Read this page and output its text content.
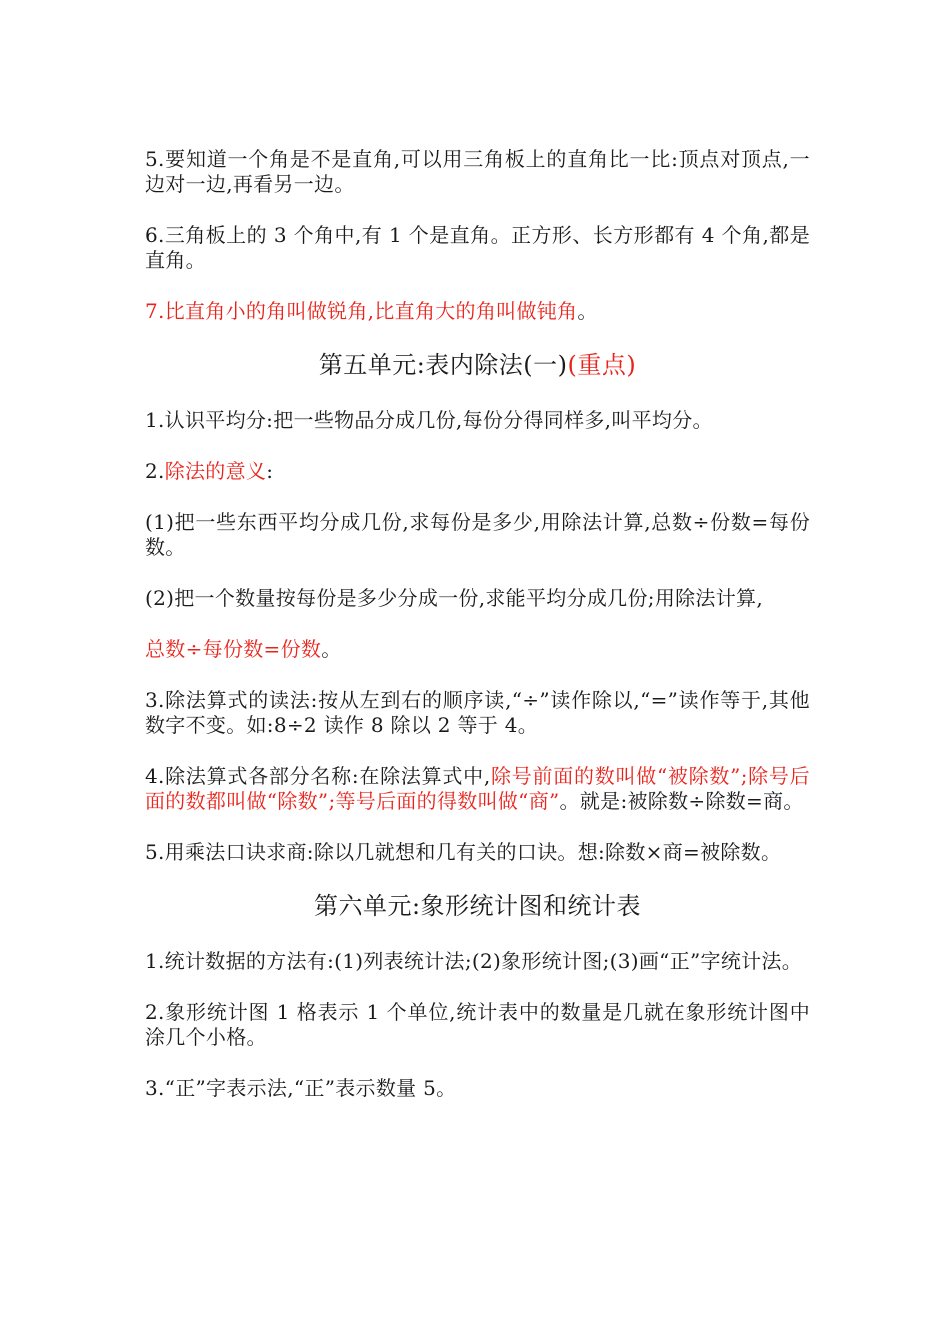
5.要知道一个角是不是直角,可以用三角板上的直角比一比:顶点对顶点,一边对一边,再看另一边。

6.三角板上的 3 个角中,有 1 个是直角。正方形、长方形都有 4 个角,都是直角。

7.比直角小的角叫做锐角,比直角大的角叫做钝角。

第五单元:表内除法(一)(重点)

1.认识平均分:把一些物品分成几份,每份分得同样多,叫平均分。

2.除法的意义:

(1)把一些东西平均分成几份,求每份是多少,用除法计算,总数÷份数=每份数。

(2)把一个数量按每份是多少分成一份,求能平均分成几份;用除法计算,

总数÷每份数=份数。

3.除法算式的读法:按从左到右的顺序读,“÷”读作除以,“=”读作等于,其他数字不变。如:8÷2 读作 8 除以 2 等于 4。

4.除法算式各部分名称:在除法算式中,除号前面的数叫做“被除数”;除号后面的数都叫做“除数”;等号后面的得数叫做“商”。就是:被除数÷除数=商。

5.用乘法口诀求商:除以几就想和几有关的口诀。想:除数×商=被除数。

第六单元:象形统计图和统计表

1.统计数据的方法有:(1)列表统计法;(2)象形统计图;(3)画“正”字统计法。

2.象形统计图 1 格表示 1 个单位,统计表中的数量是几就在象形统计图中涂几个小格。

3.“正”字表示法,“正”表示数量 5。
